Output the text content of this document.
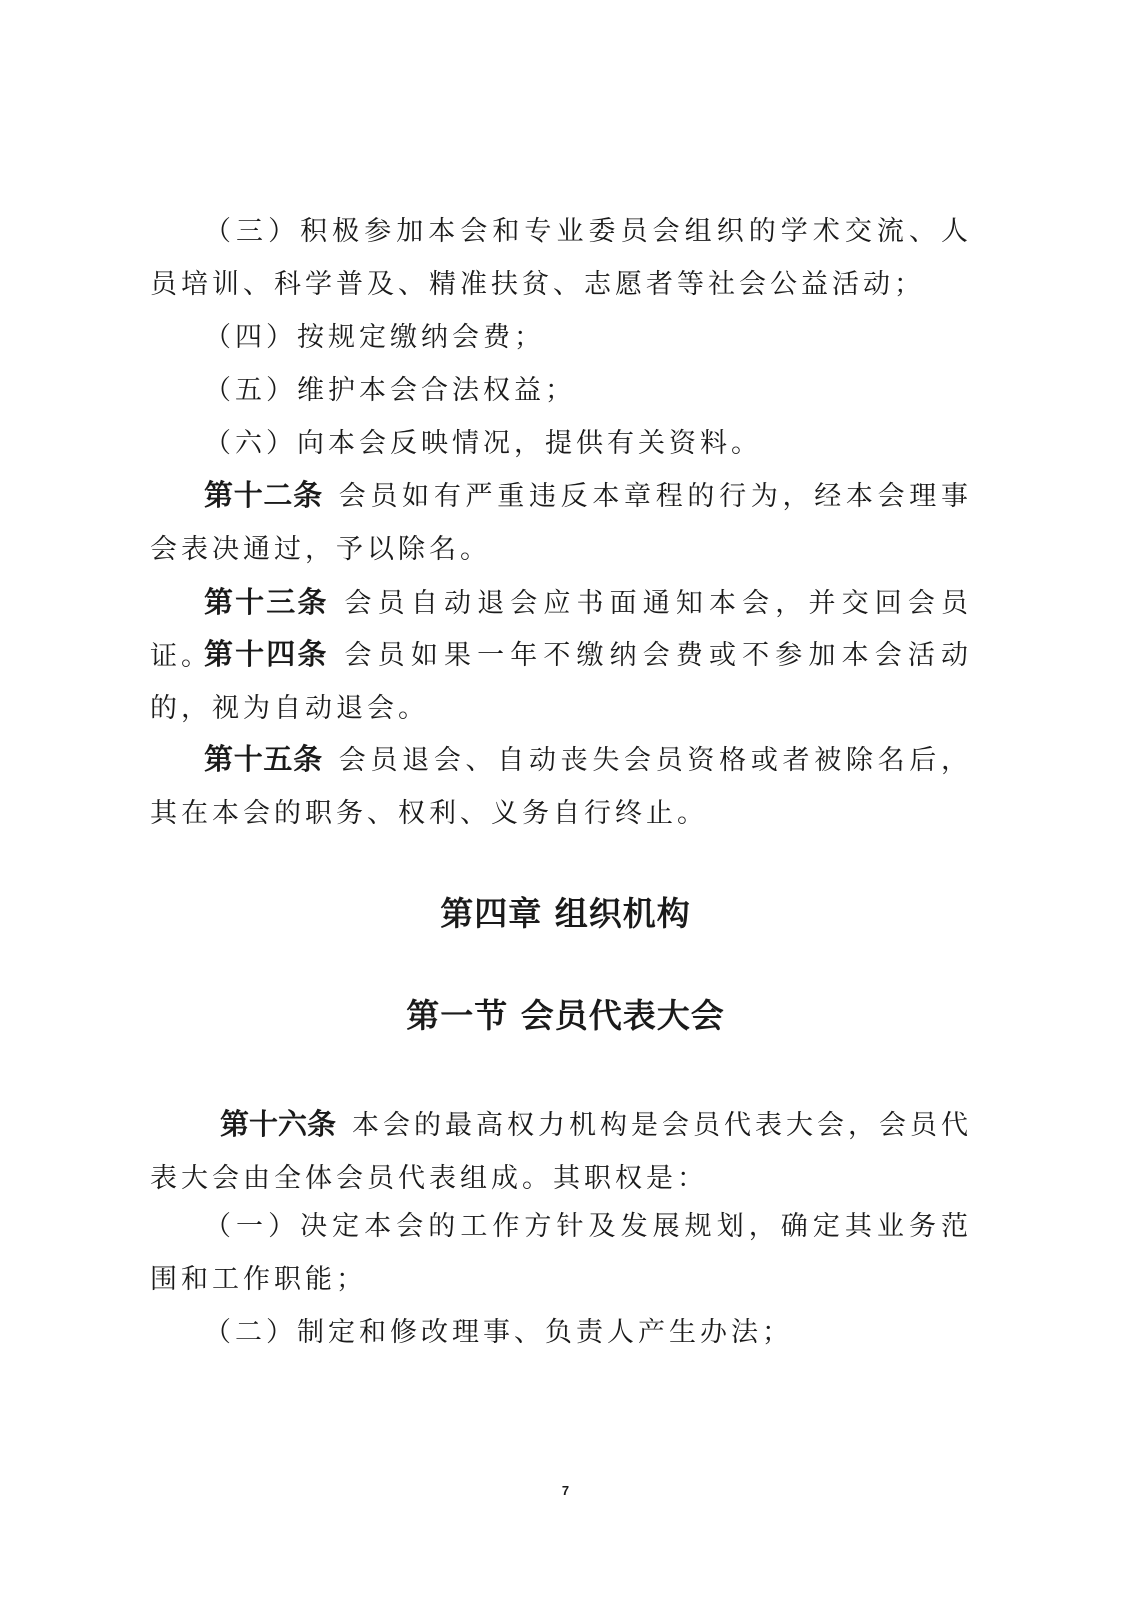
（三）积极参加本会和专业委员会组织的学术交流、人员培训、科学普及、精准扶贫、志愿者等社会公益活动；

（四）按规定缴纳会费；

（五）维护本会合法权益；

（六）向本会反映情况，提供有关资料。

第十二条 会员如有严重违反本章程的行为，经本会理事会表决通过，予以除名。

第十三条 会员自动退会应书面通知本会，并交回会员证。

第十四条 会员如果一年不缴纳会费或不参加本会活动的，视为自动退会。

第十五条 会员退会、自动丧失会员资格或者被除名后，其在本会的职务、权利、义务自行终止。

第四章 组织机构
第一节 会员代表大会

第十六条 本会的最高权力机构是会员代表大会，会员代表大会由全体会员代表组成。其职权是：

（一）决定本会的工作方针及发展规划，确定其业务范围和工作职能；

（二）制定和修改理事、负责人产生办法；

7
